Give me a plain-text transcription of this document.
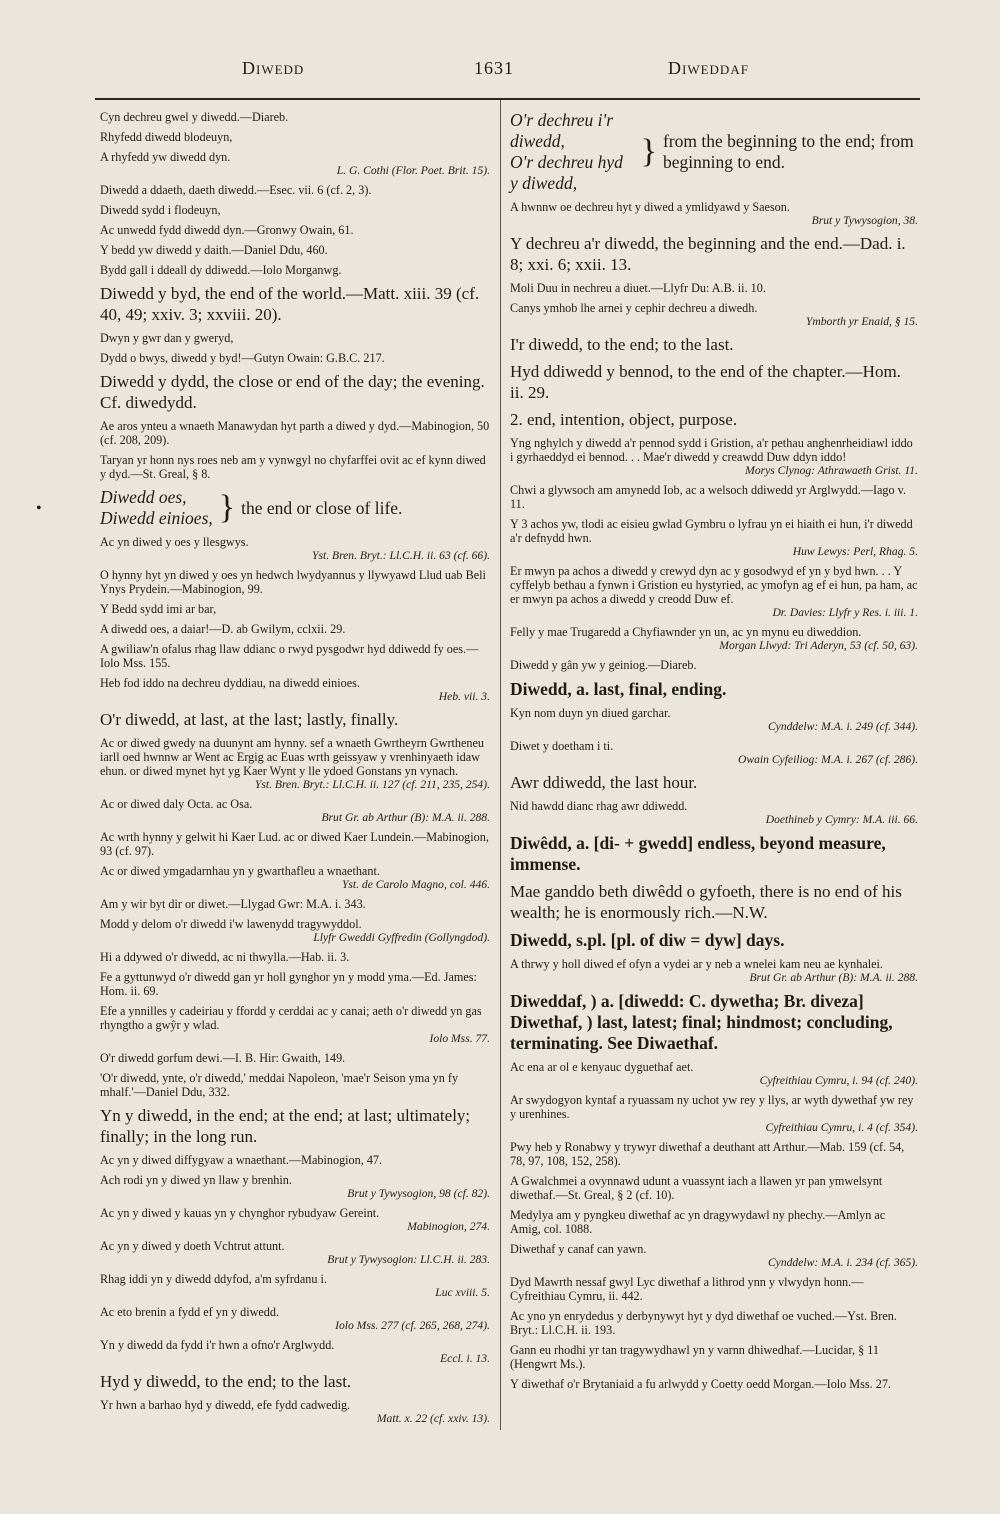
Diwedd	1631	Diweddaf
•
Cyn dechreu gwel y diwedd.—Diareb.
Rhyfedd diwedd blodeuyn,
A rhyfedd yw diwedd dyn.
L. G. Cothi (Flor. Poet. Brit. 15).
Diwedd a ddaeth, daeth diwedd.—Esec. vii. 6 (cf. 2, 3).
Diwedd sydd i flodeuyn,
Ac unwedd fydd diwedd dyn.—Gronwy Owain, 61.
Y bedd yw diwedd y daith.—Daniel Ddu, 460.
Bydd gall i ddeall dy ddiwedd.—Iolo Morganwg.
Diwedd y byd, the end of the world.—Matt. xiii. 39 (cf. 40, 49; xxiv. 3; xxviii. 20).
Dwyn y gwr dan y gweryd,
Dydd o bwys, diwedd y byd!—Gutyn Owain: G.B.C. 217.
Diwedd y dydd, the close or end of the day; the evening. Cf. diwedydd.
Ae aros ynteu a wnaeth Manawydan hyt parth a diwed y dyd.—Mabinogion, 50 (cf. 208, 209).
Taryan yr honn nys roes neb am y vynwgyl no chyfarffei ovit ac ef kynn diwed y dyd.—St. Greal, § 8.
Diwedd oes,
Diwedd einioes, } the end or close of life.
Ac yn diwed y oes y llesgwys.
Yst. Bren. Bryt.: Ll.C.H. ii. 63 (cf. 66).
O hynny hyt yn diwed y oes yn hedwch lwydyannus y llywyawd Llud uab Beli Ynys Prydein.—Mabinogion, 99.
Y Bedd sydd imi ar bar,
A diwedd oes, a daiar!—D. ab Gwilym, cclxii. 29.
A gwiliaw'n ofalus rhag llaw ddianc o rwyd pysgodwr hyd ddiwedd fy oes.—Iolo Mss. 155.
Heb fod iddo na dechreu dyddiau, na diwedd einioes.
Heb. vii. 3.
O'r diwedd, at last, at the last; lastly, finally.
Ac or diwed gwedy na duunynt am hynny. sef a wnaeth Gwrtheyrn Gwrtheneu iarll oed hwnnw ar Went ac Ergig ac Euas wrth geissyaw y vrenhinyaeth idaw ehun. or diwed mynet hyt yg Kaer Wynt y lle ydoed Gonstans yn vynach.
Yst. Bren. Bryt.: Ll.C.H. ii. 127 (cf. 211, 235, 254).
Ac or diwed daly Octa. ac Osa.
Brut Gr. ab Arthur (B): M.A. ii. 288.
Ac wrth hynny y gelwit hi Kaer Lud. ac or diwed Kaer Lundein.—Mabinogion, 93 (cf. 97).
Ac or diwed ymgadarnhau yn y gwarthafleu a wnaethant.
Yst. de Carolo Magno, col. 446.
Am y wir byt dir or diwet.—Llygad Gwr: M.A. i. 343.
Modd y delom o'r diwedd i'w lawenydd tragywyddol.
Llyfr Gweddi Gyffredin (Gollyngdod).
Hi a ddywed o'r diwedd, ac ni thwylla.—Hab. ii. 3.
Fe a gyttunwyd o'r diwedd gan yr holl gynghor yn y modd yma.—Ed. James: Hom. ii. 69.
Efe a ynnilles y cadeiriau y ffordd y cerddai ac y canai; aeth o'r diwedd yn gas rhyngtho a gwŷr y wlad.
Iolo Mss. 77.
O'r diwedd gorfum dewi.—I. B. Hir: Gwaith, 149.
'O'r diwedd, ynte, o'r diwedd,' meddai Napoleon, 'mae'r Seison yma yn fy mhalf.'—Daniel Ddu, 332.
Yn y diwedd, in the end; at the end; at last; ultimately; finally; in the long run.
Ac yn y diwed diffygyaw a wnaethant.—Mabinogion, 47.
Ach rodi yn y diwed yn llaw y brenhin.
Brut y Tywysogion, 98 (cf. 82).
Ac yn y diwed y kauas yn y chynghor rybudyaw Gereint.
Mabinogion, 274.
Ac yn y diwed y doeth Vchtrut attunt.
Brut y Tywysogion: Ll.C.H. ii. 283.
Rhag iddi yn y diwedd ddyfod, a'm syfrdanu i.
Luc xviii. 5.
Ac eto brenin a fydd ef yn y diwedd.
Iolo Mss. 277 (cf. 265, 268, 274).
Yn y diwedd da fydd i'r hwn a ofno'r Arglwydd.
Eccl. i. 13.
Hyd y diwedd, to the end; to the last.
Yr hwn a barhao hyd y diwedd, efe fydd cadwedig.
Matt. x. 22 (cf. xxiv. 13).
O'r dechreu i'r diwedd,
O'r dechreu hyd y diwedd,
} from the beginning to the end; from beginning to end.
A hwnnw oe dechreu hyt y diwed a ymlidyawd y Saeson.
Brut y Tywysogion, 38.
Y dechreu a'r diwedd, the beginning and the end.—Dad. i. 8; xxi. 6; xxii. 13.
Moli Duu in nechreu a diuet.—Llyfr Du: A.B. ii. 10.
Canys ymhob lhe arnei y cephir dechreu a diwedh.
Ymborth yr Enaid, § 15.
I'r diwedd, to the end; to the last.
Hyd ddiwedd y bennod, to the end of the chapter.—Hom. ii. 29.
2. end, intention, object, purpose.
Yng nghylch y diwedd a'r pennod sydd i Gristion, a'r pethau anghenrheidiawl iddo i gyrhaeddyd ei bennod. . . Mae'r diwedd y creawdd Duw ddyn iddo!
Morys Clynog: Athrawaeth Grist. 11.
Chwi a glywsoch am amynedd Iob, ac a welsoch ddiwedd yr Arglwydd.—Iago v. 11.
Y 3 achos yw, tlodi ac eisieu gwlad Gymbru o lyfrau yn ei hiaith ei hun, i'r diwedd a'r defnydd hwn.
Huw Lewys: Perl, Rhag. 5.
Er mwyn pa achos a diwedd y crewyd dyn ac y gosodwyd ef yn y byd hwn. . . Y cyffelyb bethau a fynwn i Gristion eu hystyried, ac ymofyn ag ef ei hun, pa ham, ac er mwyn pa achos a diwedd y creodd Duw ef.
Dr. Davies: Llyfr y Res. i. iii. 1.
Felly y mae Trugaredd a Chyfiawnder yn un, ac yn mynu eu diweddion.
Morgan Llwyd: Tri Aderyn, 53 (cf. 50, 63).
Diwedd y gân yw y geiniog.—Diareb.
Diwedd, a. last, final, ending.
Kyn nom duyn yn diued garchar.
Cynddelw: M.A. i. 249 (cf. 344).
Diwet y doetham i ti.
Owain Cyfeiliog: M.A. i. 267 (cf. 286).
Awr ddiwedd, the last hour.
Nid hawdd dianc rhag awr ddiwedd.
Doethineb y Cymry: M.A. iii. 66.
Diwêdd, a. [di- + gwedd] endless, beyond measure, immense.
Mae ganddo beth diwêdd o gyfoeth, there is no end of his wealth; he is enormously rich.—N.W.
Diwedd, s.pl. [pl. of diw = dyw] days.
A thrwy y holl diwed ef ofyn a vydei ar y neb a wnelei kam neu ae kynhalei.
Brut Gr. ab Arthur (B): M.A. ii. 288.
Diweddaf, ) a. [diwedd: C. dywetha; Br. diveza] Diwethaf, ) last, latest; final; hindmost; concluding, terminating. See Diwaethaf.
Ac ena ar ol e kenyauc dyguethaf aet.
Cyfreithiau Cymru, i. 94 (cf. 240).
Ar swydogyon kyntaf a ryuassam ny uchot yw rey y llys, ar wyth dywethaf yw rey y urenhines.
Cyfreithiau Cymru, i. 4 (cf. 354).
Pwy heb y Ronabwy y trywyr diwethaf a deuthant att Arthur.—Mab. 159 (cf. 54, 78, 97, 108, 152, 258).
A Gwalchmei a ovynnawd udunt a vuassynt iach a llawen yr pan ymwelsynt diwethaf.—St. Greal, § 2 (cf. 10).
Medylya am y pyngkeu diwethaf ac yn dragywydawl ny phechy.—Amlyn ac Amig, col. 1088.
Diwethaf y canaf can yawn.
Cynddelw: M.A. i. 234 (cf. 365).
Dyd Mawrth nessaf gwyl Lyc diwethaf a lithrod ynn y vlwydyn honn.—Cyfreithiau Cymru, ii. 442.
Ac yno yn enrydedus y derbynywyt hyt y dyd diwethaf oe vuched.—Yst. Bren. Bryt.: Ll.C.H. ii. 193.
Gann eu rhodhi yr tan tragywydhawl yn y varnn dhiwedhaf.—Lucidar, § 11 (Hengwrt Ms.).
Y diwethaf o'r Brytaniaid a fu arlwydd y Coetty oedd Morgan.—Iolo Mss. 27.
